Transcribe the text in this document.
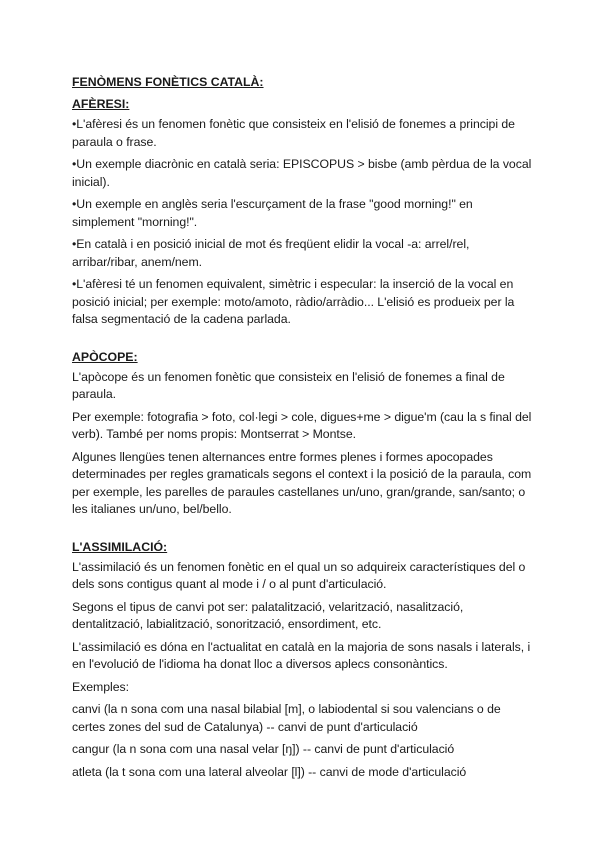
FENÒMENS FONÈTICS CATALÀ:
AFÈRESI:

•L'afèresi és un fenomen fonètic que consisteix en l'elisió de fonemes a principi de paraula o frase.

•Un exemple diacrònic en català seria: EPISCOPUS > bisbe (amb pèrdua de la vocal inicial).

•Un exemple en anglès seria l'escurçament de la frase "good morning!" en simplement "morning!".

•En català i en posició inicial de mot és freqüent elidir la vocal -a: arrel/rel, arribar/ribar, anem/nem.

•L'afèresi té un fenomen equivalent, simètric i especular: la inserció de la vocal en posició inicial; per exemple: moto/amoto, ràdio/arràdio... L'elisió es produeix per la falsa segmentació de la cadena parlada.

APÒCOPE:

L'apòcope és un fenomen fonètic que consisteix en l'elisió de fonemes a final de paraula.

Per exemple: fotografia > foto, col·legi > cole, digues+me > digue'm (cau la s final del verb). També per noms propis: Montserrat > Montse.

Algunes llengües tenen alternances entre formes plenes i formes apocopades determinades per regles gramaticals segons el context i la posició de la paraula, com per exemple, les parelles de paraules castellanes un/uno, gran/grande, san/santo; o les italianes un/uno, bel/bello.

L'ASSIMILACIÓ:

L'assimilació és un fenomen fonètic en el qual un so adquireix característiques del o dels sons contigus quant al mode i / o al punt d'articulació.

Segons el tipus de canvi pot ser: palatalització, velarització, nasalització, dentalització, labialització, sonorització, ensordiment, etc.

L'assimilació es dóna en l'actualitat en català en la majoria de sons nasals i laterals, i en l'evolució de l'idioma ha donat lloc a diversos aplecs consonàntics.

Exemples:

canvi (la n sona com una nasal bilabial [m], o labiodental si sou valencians o de certes zones del sud de Catalunya) -- canvi de punt d'articulació

cangur (la n sona com una nasal velar [ŋ]) -- canvi de punt d'articulació

atleta (la t sona com una lateral alveolar [l]) -- canvi de mode d'articulació
